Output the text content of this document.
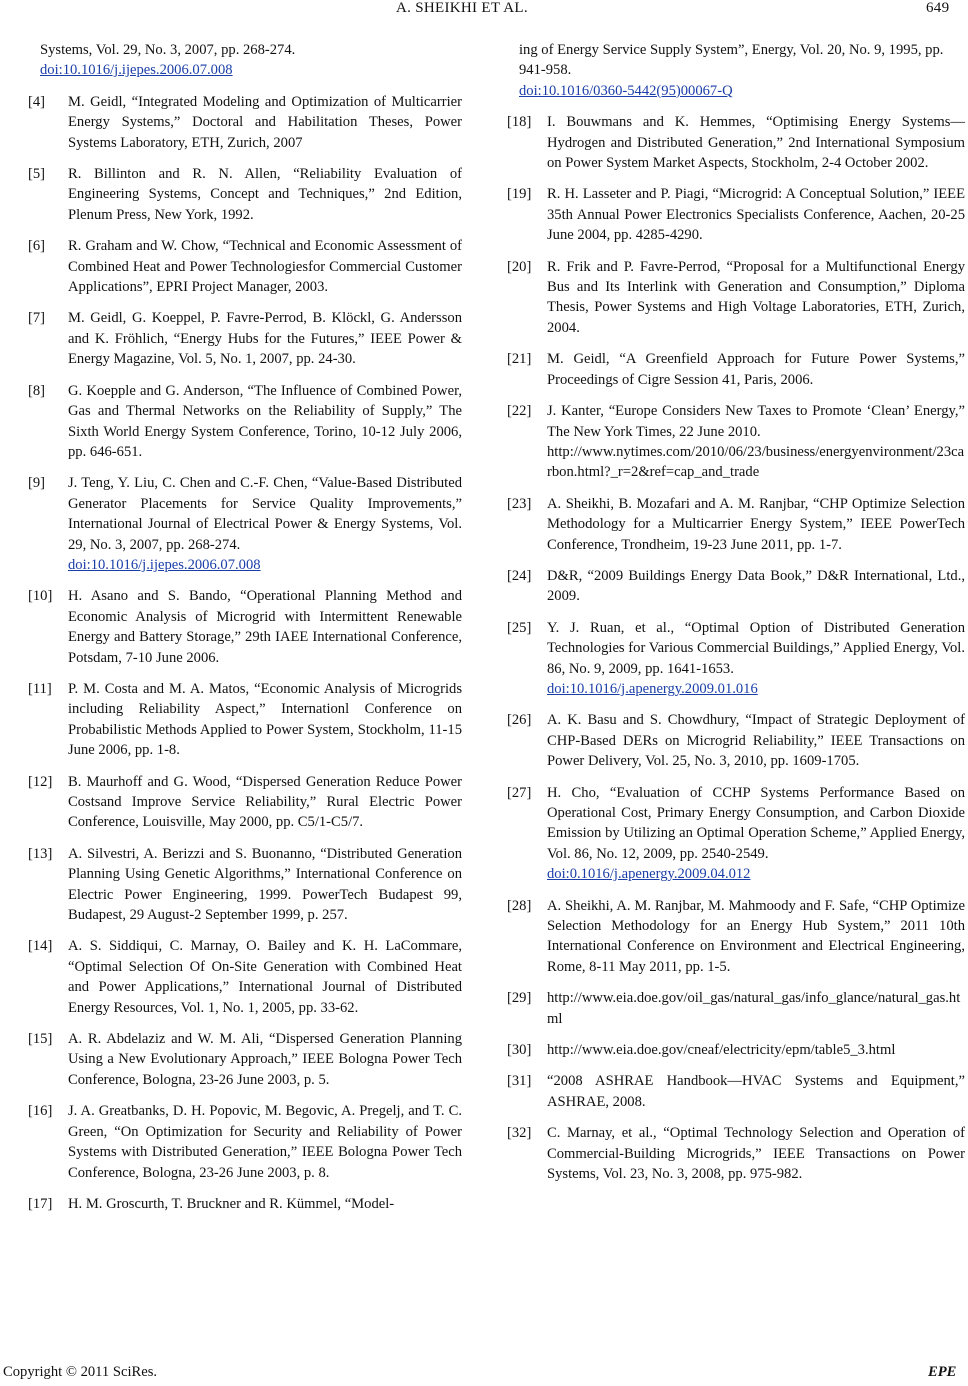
A. SHEIKHI ET AL.	649
Systems, Vol. 29, No. 3, 2007, pp. 268-274.
doi:10.1016/j.ijepes.2006.07.008
[4]	M. Geidl, “Integrated Modeling and Optimization of Multicarrier Energy Systems,” Doctoral and Habilitation Theses, Power Systems Laboratory, ETH, Zurich, 2007
[5]	R. Billinton and R. N. Allen, “Reliability Evaluation of Engineering Systems, Concept and Techniques,” 2nd Edition, Plenum Press, New York, 1992.
[6]	R. Graham and W. Chow, “Technical and Economic Assessment of Combined Heat and Power Technologiesfor Commercial Customer Applications”, EPRI Project Manager, 2003.
[7]	M. Geidl, G. Koeppel, P. Favre-Perrod, B. Klöckl, G. Andersson and K. Fröhlich, “Energy Hubs for the Futures,” IEEE Power & Energy Magazine, Vol. 5, No. 1, 2007, pp. 24-30.
[8]	G. Koepple and G. Anderson, “The Influence of Combined Power, Gas and Thermal Networks on the Reliability of Supply,” The Sixth World Energy System Conference, Torino, 10-12 July 2006, pp. 646-651.
[9]	J. Teng, Y. Liu, C. Chen and C.-F. Chen, “Value-Based Distributed Generator Placements for Service Quality Improvements,” International Journal of Electrical Power & Energy Systems, Vol. 29, No. 3, 2007, pp. 268-274.
doi:10.1016/j.ijepes.2006.07.008
[10]	H. Asano and S. Bando, “Operational Planning Method and Economic Analysis of Microgrid with Intermittent Renewable Energy and Battery Storage,” 29th IAEE International Conference, Potsdam, 7-10 June 2006.
[11]	P. M. Costa and M. A. Matos, “Economic Analysis of Microgrids including Reliability Aspect,” Internationl Conference on Probabilistic Methods Applied to Power System, Stockholm, 11-15 June 2006, pp. 1-8.
[12]	B. Maurhoff and G. Wood, “Dispersed Generation Reduce Power Costsand Improve Service Reliability,” Rural Electric Power Conference, Louisville, May 2000, pp. C5/1-C5/7.
[13]	A. Silvestri, A. Berizzi and S. Buonanno, “Distributed Generation Planning Using Genetic Algorithms,” International Conference on Electric Power Engineering, 1999. PowerTech Budapest 99, Budapest, 29 August-2 September 1999, p. 257.
[14]	A. S. Siddiqui, C. Marnay, O. Bailey and K. H. LaCommare, “Optimal Selection Of On-Site Generation with Combined Heat and Power Applications,” International Journal of Distributed Energy Resources, Vol. 1, No. 1, 2005, pp. 33-62.
[15]	A. R. Abdelaziz and W. M. Ali, “Dispersed Generation Planning Using a New Evolutionary Approach,” IEEE Bologna Power Tech Conference, Bologna, 23-26 June 2003, p. 5.
[16]	J. A. Greatbanks, D. H. Popovic, M. Begovic, A. Pregelj, and T. C. Green, “On Optimization for Security and Reliability of Power Systems with Distributed Generation,” IEEE Bologna Power Tech Conference, Bologna, 23-26 June 2003, p. 8.
[17]	H. M. Groscurth, T. Bruckner and R. Kümmel, “Model-
ing of Energy Service Supply System”, Energy, Vol. 20, No. 9, 1995, pp. 941-958.
doi:10.1016/0360-5442(95)00067-Q
[18]	I. Bouwmans and K. Hemmes, “Optimising Energy Systems—Hydrogen and Distributed Generation,” 2nd International Symposium on Power System Market Aspects, Stockholm, 2-4 October 2002.
[19]	R. H. Lasseter and P. Piagi, “Microgrid: A Conceptual Solution,” IEEE 35th Annual Power Electronics Specialists Conference, Aachen, 20-25 June 2004, pp. 4285-4290.
[20]	R. Frik and P. Favre-Perrod, “Proposal for a Multifunctional Energy Bus and Its Interlink with Generation and Consumption,” Diploma Thesis, Power Systems and High Voltage Laboratories, ETH, Zurich, 2004.
[21]	M. Geidl, “A Greenfield Approach for Future Power Systems,” Proceedings of Cigre Session 41, Paris, 2006.
[22]	J. Kanter, “Europe Considers New Taxes to Promote ‘Clean’ Energy,” The New York Times, 22 June 2010.
http://www.nytimes.com/2010/06/23/business/energyenvironment/23carbon.html?_r=2&ref=cap_and_trade
[23]	A. Sheikhi, B. Mozafari and A. M. Ranjbar, “CHP Optimize Selection Methodology for a Multicarrier Energy System,” IEEE PowerTech Conference, Trondheim, 19-23 June 2011, pp. 1-7.
[24]	D&R, “2009 Buildings Energy Data Book,” D&R International, Ltd., 2009.
[25]	Y. J. Ruan, et al., “Optimal Option of Distributed Generation Technologies for Various Commercial Buildings,” Applied Energy, Vol. 86, No. 9, 2009, pp. 1641-1653.
doi:10.1016/j.apenergy.2009.01.016
[26]	A. K. Basu and S. Chowdhury, “Impact of Strategic Deployment of CHP-Based DERs on Microgrid Reliability,” IEEE Transactions on Power Delivery, Vol. 25, No. 3, 2010, pp. 1609-1705.
[27]	H. Cho, “Evaluation of CCHP Systems Performance Based on Operational Cost, Primary Energy Consumption, and Carbon Dioxide Emission by Utilizing an Optimal Operation Scheme,” Applied Energy, Vol. 86, No. 12, 2009, pp. 2540-2549.
doi:0.1016/j.apenergy.2009.04.012
[28]	A. Sheikhi, A. M. Ranjbar, M. Mahmoody and F. Safe, “CHP Optimize Selection Methodology for an Energy Hub System,” 2011 10th International Conference on Environment and Electrical Engineering, Rome, 8-11 May 2011, pp. 1-5.
[29]	http://www.eia.doe.gov/oil_gas/natural_gas/info_glance/natural_gas.html
[30]	http://www.eia.doe.gov/cneaf/electricity/epm/table5_3.html
[31]	“2008 ASHRAE Handbook—HVAC Systems and Equipment,” ASHRAE, 2008.
[32]	C. Marnay, et al., “Optimal Technology Selection and Operation of Commercial-Building Microgrids,” IEEE Transactions on Power Systems, Vol. 23, No. 3, 2008, pp. 975-982.
Copyright © 2011 SciRes.	EPE
